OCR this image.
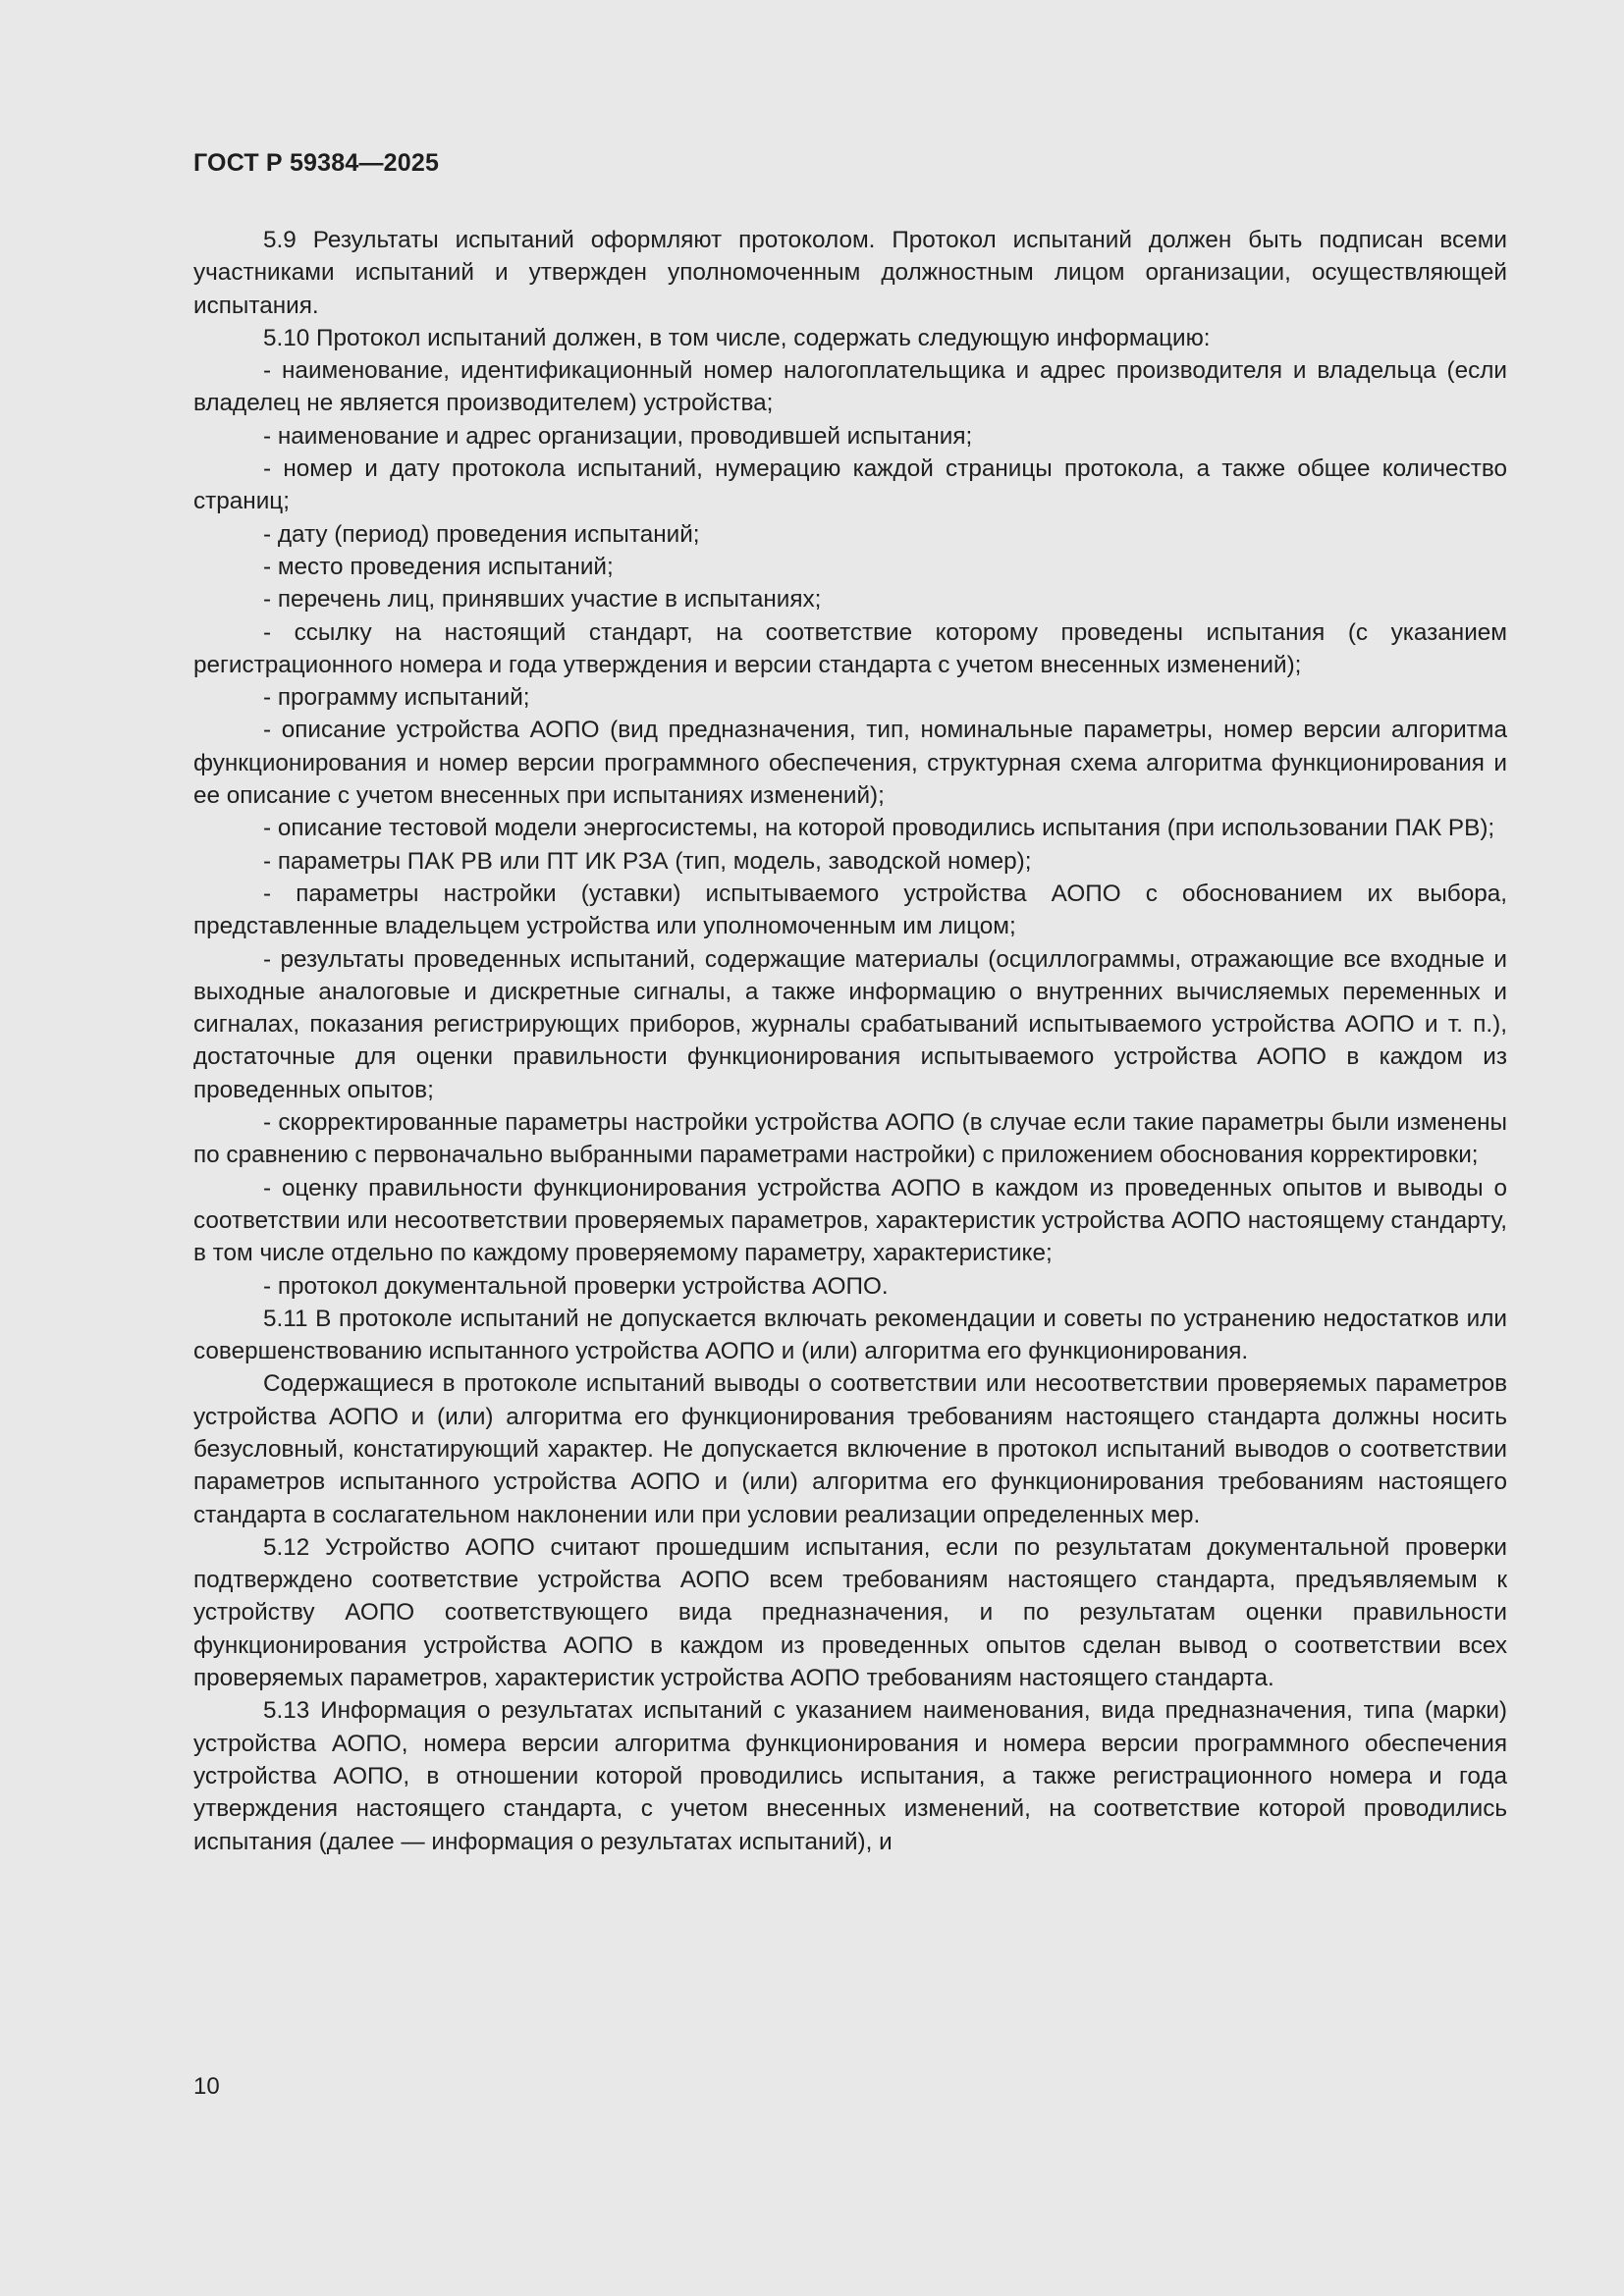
ГОСТ Р 59384—2025

5.9 Результаты испытаний оформляют протоколом. Протокол испытаний должен быть подписан всеми участниками испытаний и утвержден уполномоченным должностным лицом организации, осуществляющей испытания.

5.10 Протокол испытаний должен, в том числе, содержать следующую информацию:

- наименование, идентификационный номер налогоплательщика и адрес производителя и владельца (если владелец не является производителем) устройства;

- наименование и адрес организации, проводившей испытания;

- номер и дату протокола испытаний, нумерацию каждой страницы протокола, а также общее количество страниц;

- дату (период) проведения испытаний;

- место проведения испытаний;

- перечень лиц, принявших участие в испытаниях;

- ссылку на настоящий стандарт, на соответствие которому проведены испытания (с указанием регистрационного номера и года утверждения и версии стандарта с учетом внесенных изменений);

- программу испытаний;

- описание устройства АОПО (вид предназначения, тип, номинальные параметры, номер версии алгоритма функционирования и номер версии программного обеспечения, структурная схема алгоритма функционирования и ее описание с учетом внесенных при испытаниях изменений);

- описание тестовой модели энергосистемы, на которой проводились испытания (при использовании ПАК РВ);

- параметры ПАК РВ или ПТ ИК РЗА (тип, модель, заводской номер);

- параметры настройки (уставки) испытываемого устройства АОПО с обоснованием их выбора, представленные владельцем устройства или уполномоченным им лицом;

- результаты проведенных испытаний, содержащие материалы (осциллограммы, отражающие все входные и выходные аналоговые и дискретные сигналы, а также информацию о внутренних вычисляемых переменных и сигналах, показания регистрирующих приборов, журналы срабатываний испытываемого устройства АОПО и т. п.), достаточные для оценки правильности функционирования испытываемого устройства АОПО в каждом из проведенных опытов;

- скорректированные параметры настройки устройства АОПО (в случае если такие параметры были изменены по сравнению с первоначально выбранными параметрами настройки) с приложением обоснования корректировки;

- оценку правильности функционирования устройства АОПО в каждом из проведенных опытов и выводы о соответствии или несоответствии проверяемых параметров, характеристик устройства АОПО настоящему стандарту, в том числе отдельно по каждому проверяемому параметру, характеристике;

- протокол документальной проверки устройства АОПО.

5.11 В протоколе испытаний не допускается включать рекомендации и советы по устранению недостатков или совершенствованию испытанного устройства АОПО и (или) алгоритма его функционирования.

Содержащиеся в протоколе испытаний выводы о соответствии или несоответствии проверяемых параметров устройства АОПО и (или) алгоритма его функционирования требованиям настоящего стандарта должны носить безусловный, констатирующий характер. Не допускается включение в протокол испытаний выводов о соответствии параметров испытанного устройства АОПО и (или) алгоритма его функционирования требованиям настоящего стандарта в сослагательном наклонении или при условии реализации определенных мер.

5.12 Устройство АОПО считают прошедшим испытания, если по результатам документальной проверки подтверждено соответствие устройства АОПО всем требованиям настоящего стандарта, предъявляемым к устройству АОПО соответствующего вида предназначения, и по результатам оценки правильности функционирования устройства АОПО в каждом из проведенных опытов сделан вывод о соответствии всех проверяемых параметров, характеристик устройства АОПО требованиям настоящего стандарта.

5.13 Информация о результатах испытаний с указанием наименования, вида предназначения, типа (марки) устройства АОПО, номера версии алгоритма функционирования и номера версии программного обеспечения устройства АОПО, в отношении которой проводились испытания, а также регистрационного номера и года утверждения настоящего стандарта, с учетом внесенных изменений, на соответствие которой проводились испытания (далее — информация о результатах испытаний), и

10
